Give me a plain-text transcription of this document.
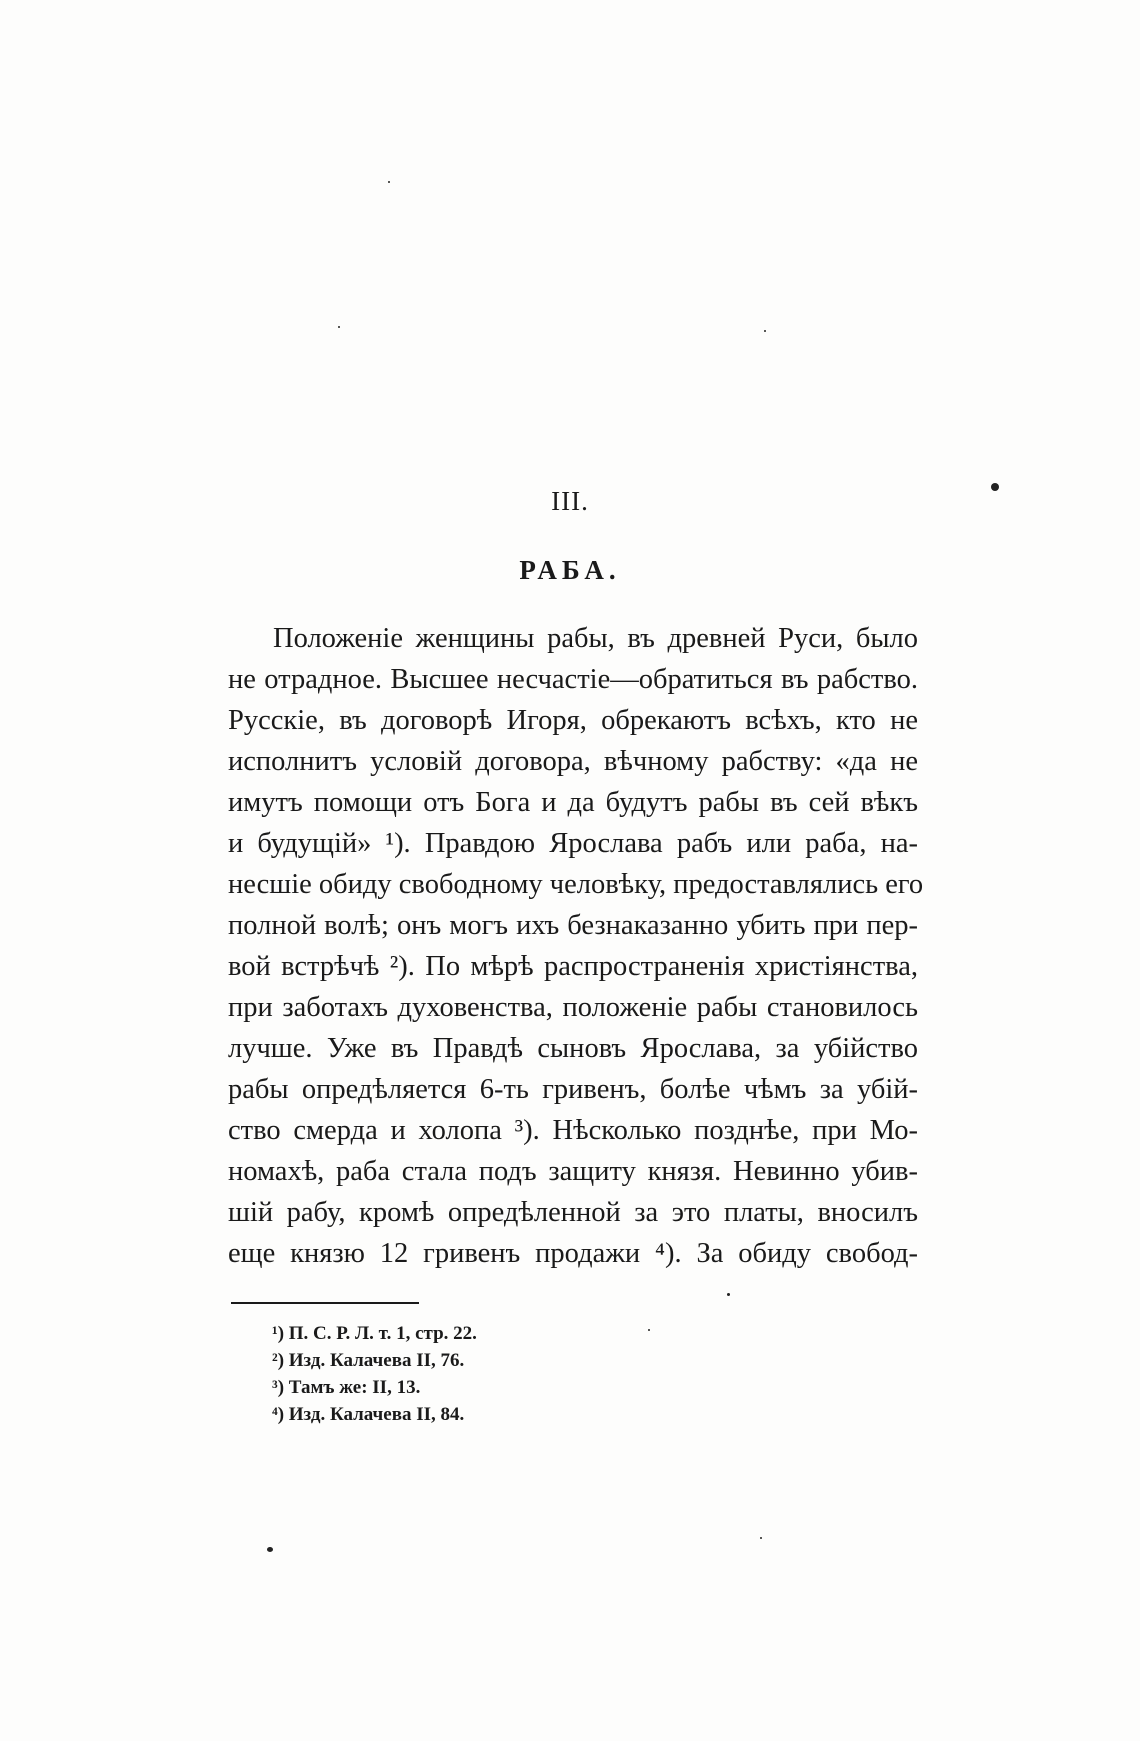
III.
РАБА.
Положеніе женщины рабы, въ древней Руси, было
не отрадное. Высшее несчастіе—обратиться въ рабство.
Русскіе, въ договорѣ Игоря, обрекаютъ всѣхъ, кто не
исполнитъ условій договора, вѣчному рабству: «да не
имутъ помощи отъ Бога и да будутъ рабы въ сей вѣкъ
и будущій» ¹). Правдою Ярослава рабъ или раба, на-
несшіе обиду свободному человѣку, предоставлялись его
полной волѣ; онъ могъ ихъ безнаказанно убить при пер-
вой встрѣчѣ ²). По мѣрѣ распространенія христіянства,
при заботахъ духовенства, положеніе рабы становилось
лучше. Уже въ Правдѣ сыновъ Ярослава, за убійство
рабы опредѣляется 6-ть гривенъ, болѣе чѣмъ за убій-
ство смерда и холопа ³). Нѣсколько позднѣе, при Мо-
номахѣ, раба стала подъ защиту князя. Невинно убив-
шій рабу, кромѣ опредѣленной за это платы, вносилъ
еще князю 12 гривенъ продажи ⁴). За обиду свобод-
¹) П. С. Р. Л. т. 1, стр. 22.
²) Изд. Калачева II, 76.
³) Тамъ же: II, 13.
⁴) Изд. Калачева II, 84.
